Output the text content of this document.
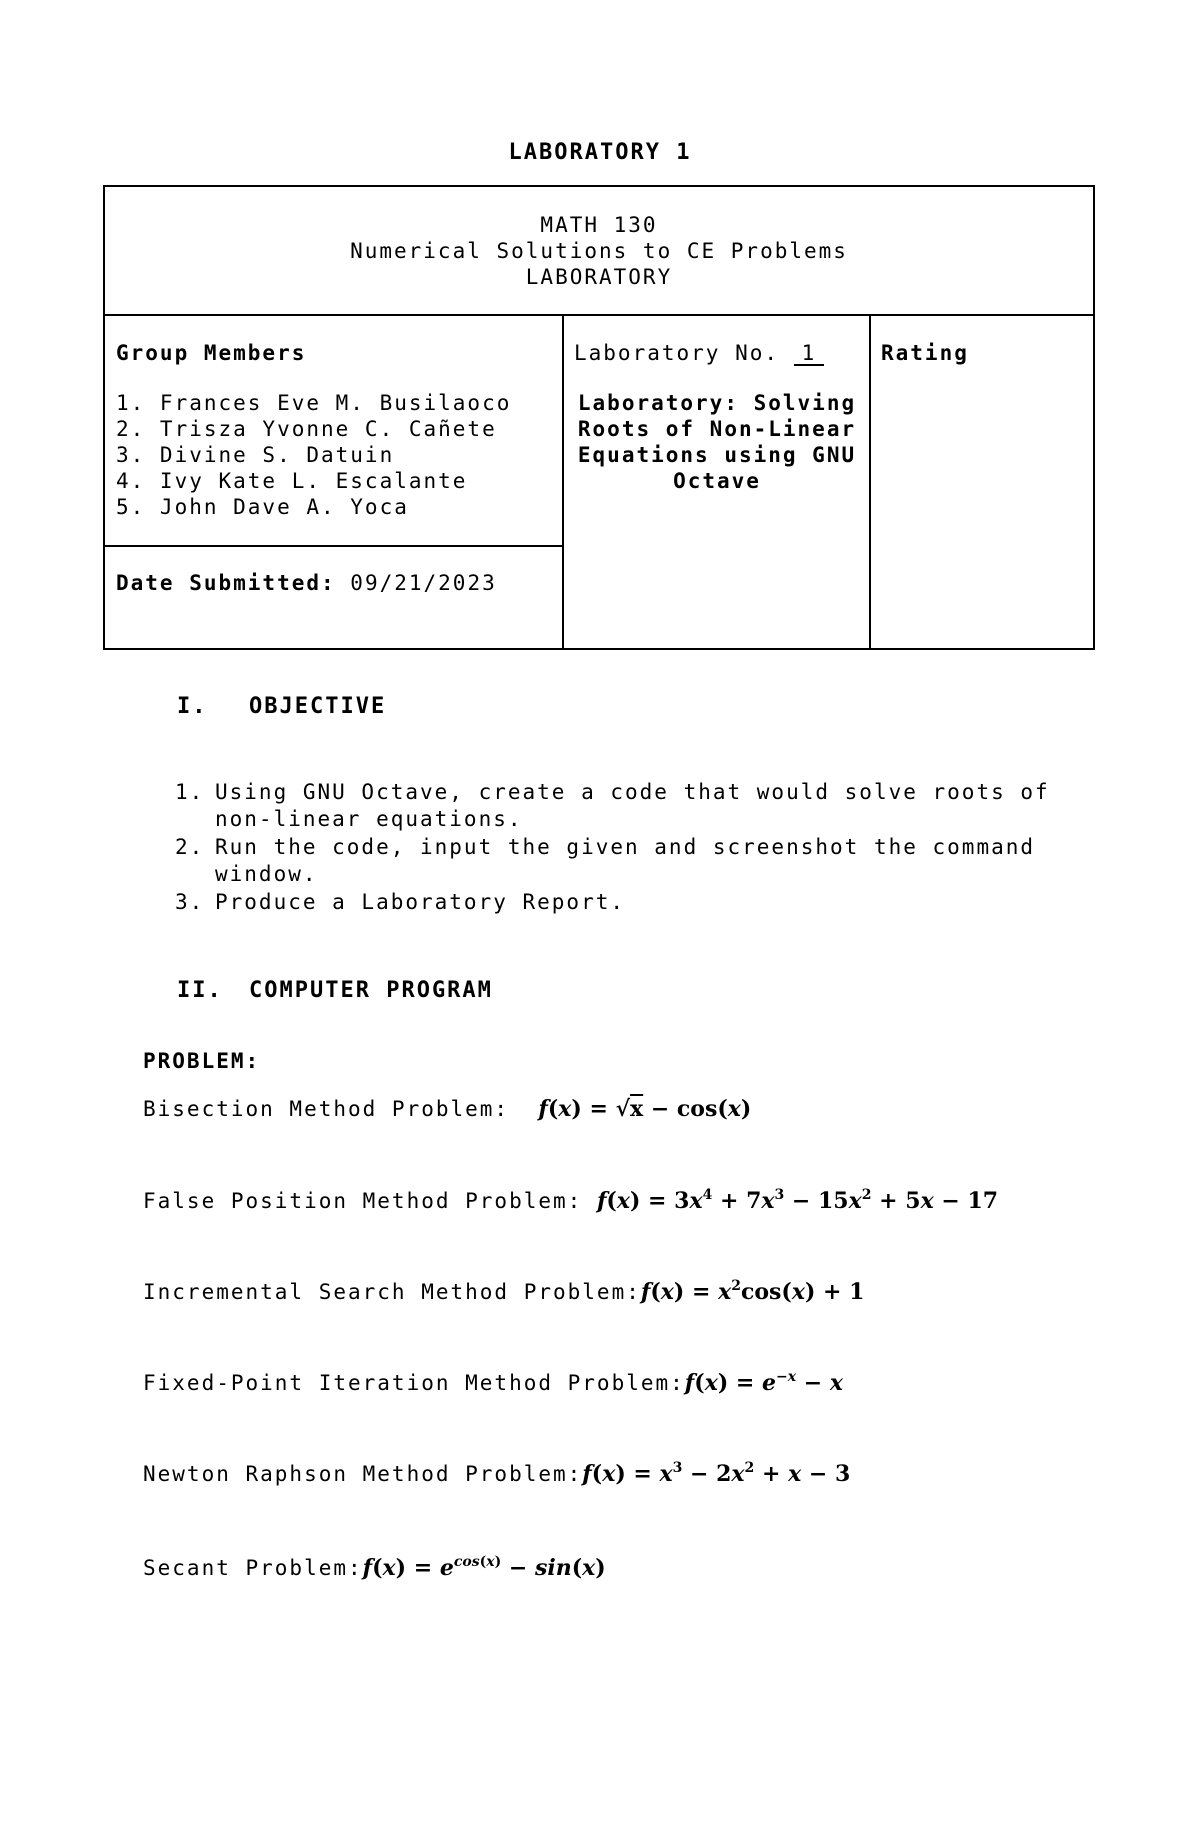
LABORATORY 1
MATH 130
Numerical Solutions to CE Problems
LABORATORY
Group Members
1. Frances Eve M. Busilaoco
2. Trisza Yvonne C. Cañete
3. Divine S. Datuin
4. Ivy Kate L. Escalante
5. John Dave A. Yoca
Date Submitted: 09/21/2023
Laboratory No. 1
Laboratory: Solving
Roots of Non-Linear
Equations using GNU
Octave
Rating
I. OBJECTIVE
1. Using GNU Octave, create a code that would solve roots of non-linear equations.
2. Run the code, input the given and screenshot the command window.
3. Produce a Laboratory Report.
II. COMPUTER PROGRAM
PROBLEM:
Bisection Method Problem:  f(x) = √x − cos(x)
False Position Method Problem: $f(x) = 3x^4 + 7x^3 - 15x^2 + 5x - 17$
Incremental Search Method Problem:f(x) = $x^2\cos(x) + 1$
Fixed-Point Iteration Method Problem:f(x) = $e^{-x} - x$
Newton Raphson Method Problem:f(x) = $x^3 - 2x^2 + x - 3$
Secant Problem:f(x) = $e^{cos(x)} - \sin(x)$
